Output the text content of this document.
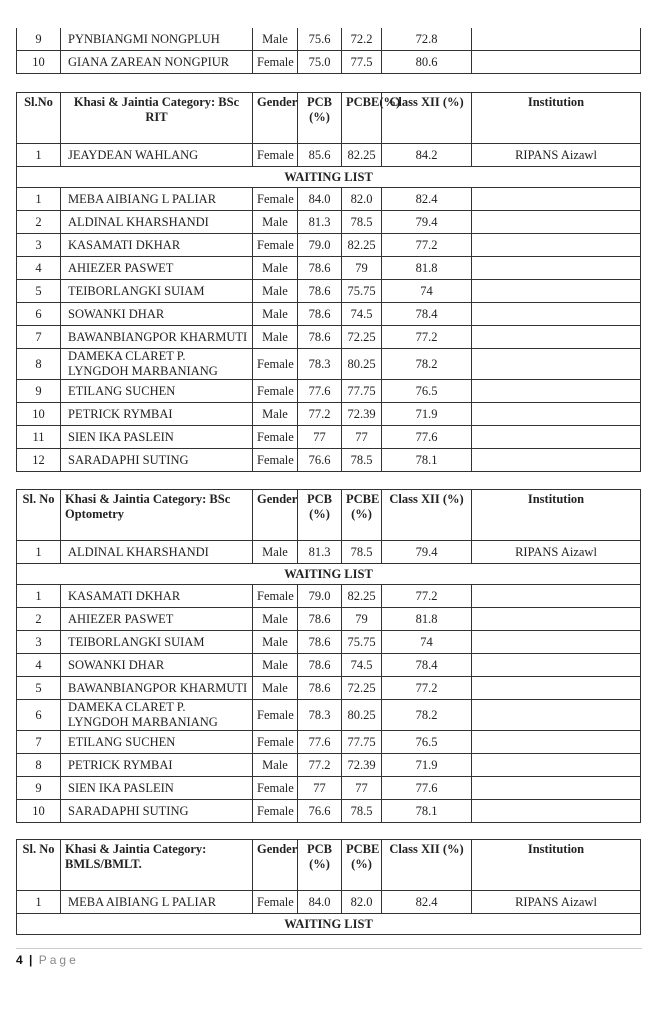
9	PYNBIANGMI NONGPLUH	Male	75.6	72.2	72.8	
10	GIANA ZAREAN NONGPIUR	Female	75.0	77.5	80.6	
Sl.No	Khasi & Jaintia Category: BSc RIT	Gender	PCB (%)	PCBE(%)	Class XII (%)	Institution
1	JEAYDEAN WAHLANG	Female	85.6	82.25	84.2	RIPANS Aizawl
WAITING LIST						
1	MEBA AIBIANG L PALIAR	Female	84.0	82.0	82.4	
2	ALDINAL KHARSHANDI	Male	81.3	78.5	79.4	
3	KASAMATI DKHAR	Female	79.0	82.25	77.2	
4	AHIEZER PASWET	Male	78.6	79	81.8	
5	TEIBORLANGKI SUIAM	Male	78.6	75.75	74	
6	SOWANKI DHAR	Male	78.6	74.5	78.4	
7	BAWANBIANGPOR KHARMUTI	Male	78.6	72.25	77.2	
8	DAMEKA CLARET P. LYNGDOH MARBANIANG	Female	78.3	80.25	78.2	
9	ETILANG SUCHEN	Female	77.6	77.75	76.5	
10	PETRICK RYMBAI	Male	77.2	72.39	71.9	
11	SIEN IKA PASLEIN	Female	77	77	77.6	
12	SARADAPHI SUTING	Female	76.6	78.5	78.1	
Sl. No	Khasi & Jaintia Category: BSc Optometry	Gender	PCB (%)	PCBE (%)	Class XII (%)	Institution
1	ALDINAL KHARSHANDI	Male	81.3	78.5	79.4	RIPANS Aizawl
WAITING LIST						
1	KASAMATI DKHAR	Female	79.0	82.25	77.2	
2	AHIEZER PASWET	Male	78.6	79	81.8	
3	TEIBORLANGKI SUIAM	Male	78.6	75.75	74	
4	SOWANKI DHAR	Male	78.6	74.5	78.4	
5	BAWANBIANGPOR KHARMUTI	Male	78.6	72.25	77.2	
6	DAMEKA CLARET P. LYNGDOH MARBANIANG	Female	78.3	80.25	78.2	
7	ETILANG SUCHEN	Female	77.6	77.75	76.5	
8	PETRICK RYMBAI	Male	77.2	72.39	71.9	
9	SIEN IKA PASLEIN	Female	77	77	77.6	
10	SARADAPHI SUTING	Female	76.6	78.5	78.1	
Sl. No	Khasi & Jaintia Category: BMLS/BMLT.	Gender	PCB (%)	PCBE (%)	Class XII (%)	Institution
1	MEBA AIBIANG L PALIAR	Female	84.0	82.0	82.4	RIPANS Aizawl
WAITING LIST						
4 | Page
